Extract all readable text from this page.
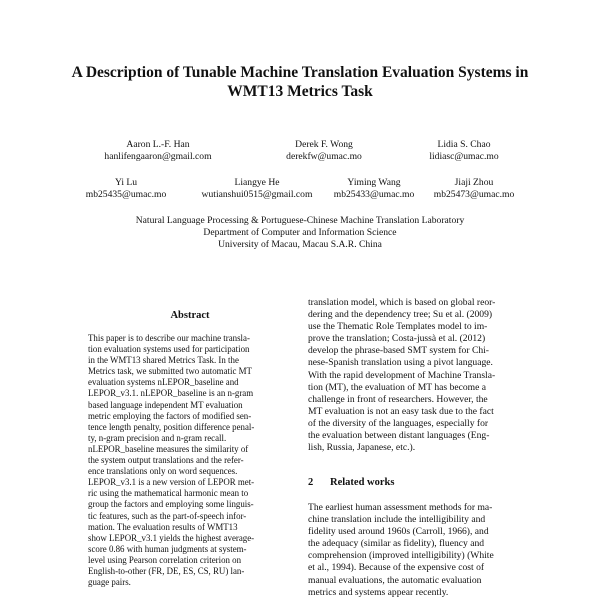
A Description of Tunable Machine Translation Evaluation Systems in
WMT13 Metrics Task
Aaron L.-F. Han
hanlifengaaron@gmail.com
Derek F. Wong
derekfw@umac.mo
Lidia S. Chao
lidiasc@umac.mo
Yi Lu
mb25435@umac.mo
Liangye He
wutianshui0515@gmail.com
Yiming Wang
mb25433@umac.mo
Jiaji Zhou
mb25473@umac.mo
Natural Language Processing & Portuguese-Chinese Machine Translation Laboratory
Department of Computer and Information Science
University of Macau, Macau S.A.R. China
Abstract
This paper is to describe our machine transla-
tion evaluation systems used for participation
in the WMT13 shared Metrics Task. In the
Metrics task, we submitted two automatic MT
evaluation systems nLEPOR_baseline and
LEPOR_v3.1. nLEPOR_baseline is an n-gram
based language independent MT evaluation
metric employing the factors of modified sen-
tence length penalty, position difference penal-
ty, n-gram precision and n-gram recall.
nLEPOR_baseline measures the similarity of
the system output translations and the refer-
ence translations only on word sequences.
LEPOR_v3.1 is a new version of LEPOR met-
ric using the mathematical harmonic mean to
group the factors and employing some linguis-
tic features, such as the part-of-speech infor-
mation. The evaluation results of WMT13
show LEPOR_v3.1 yields the highest average-
score 0.86 with human judgments at system-
level using Pearson correlation criterion on
English-to-other (FR, DE, ES, CS, RU) lan-
guage pairs.
translation model, which is based on global reor-
dering and the dependency tree; Su et al. (2009)
use the Thematic Role Templates model to im-
prove the translation; Costa-jussà et al. (2012)
develop the phrase-based SMT system for Chi-
nese-Spanish translation using a pivot language.
With the rapid development of Machine Transla-
tion (MT), the evaluation of MT has become a
challenge in front of researchers. However, the
MT evaluation is not an easy task due to the fact
of the diversity of the languages, especially for
the evaluation between distant languages (Eng-
lish, Russia, Japanese, etc.).
2 Related works
The earliest human assessment methods for ma-
chine translation include the intelligibility and
fidelity used around 1960s (Carroll, 1966), and
the adequacy (similar as fidelity), fluency and
comprehension (improved intelligibility) (White
et al., 1994). Because of the expensive cost of
manual evaluations, the automatic evaluation
metrics and systems appear recently.
